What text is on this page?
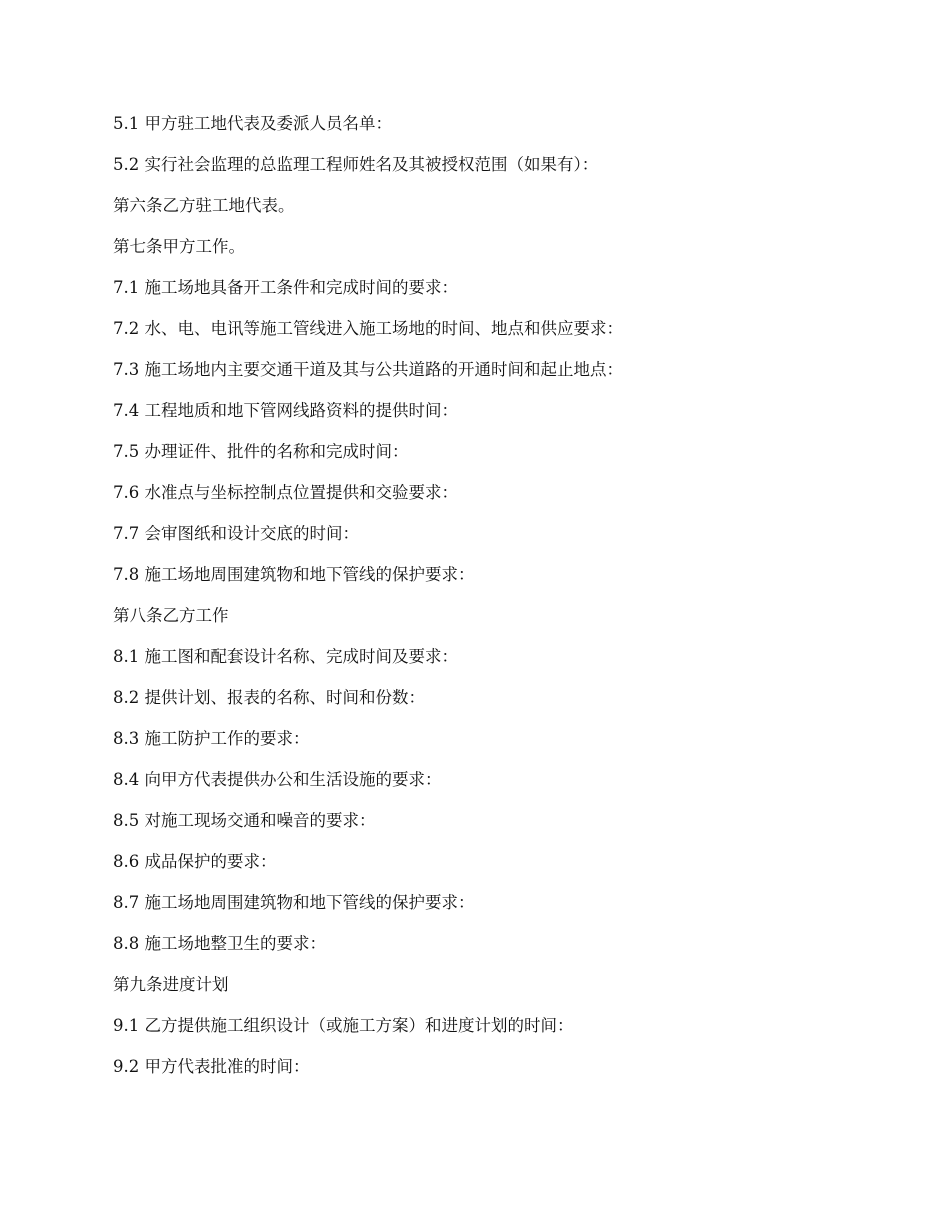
5.1 甲方驻工地代表及委派人员名单：
5.2 实行社会监理的总监理工程师姓名及其被授权范围（如果有）：
第六条乙方驻工地代表。
第七条甲方工作。
7.1 施工场地具备开工条件和完成时间的要求：
7.2 水、电、电讯等施工管线进入施工场地的时间、地点和供应要求：
7.3 施工场地内主要交通干道及其与公共道路的开通时间和起止地点：
7.4 工程地质和地下管网线路资料的提供时间：
7.5 办理证件、批件的名称和完成时间：
7.6 水准点与坐标控制点位置提供和交验要求：
7.7 会审图纸和设计交底的时间：
7.8 施工场地周围建筑物和地下管线的保护要求：
第八条乙方工作
8.1 施工图和配套设计名称、完成时间及要求：
8.2 提供计划、报表的名称、时间和份数：
8.3 施工防护工作的要求：
8.4 向甲方代表提供办公和生活设施的要求：
8.5 对施工现场交通和噪音的要求：
8.6 成品保护的要求：
8.7 施工场地周围建筑物和地下管线的保护要求：
8.8 施工场地整卫生的要求：
第九条进度计划
9.1 乙方提供施工组织设计（或施工方案）和进度计划的时间：
9.2 甲方代表批准的时间：
